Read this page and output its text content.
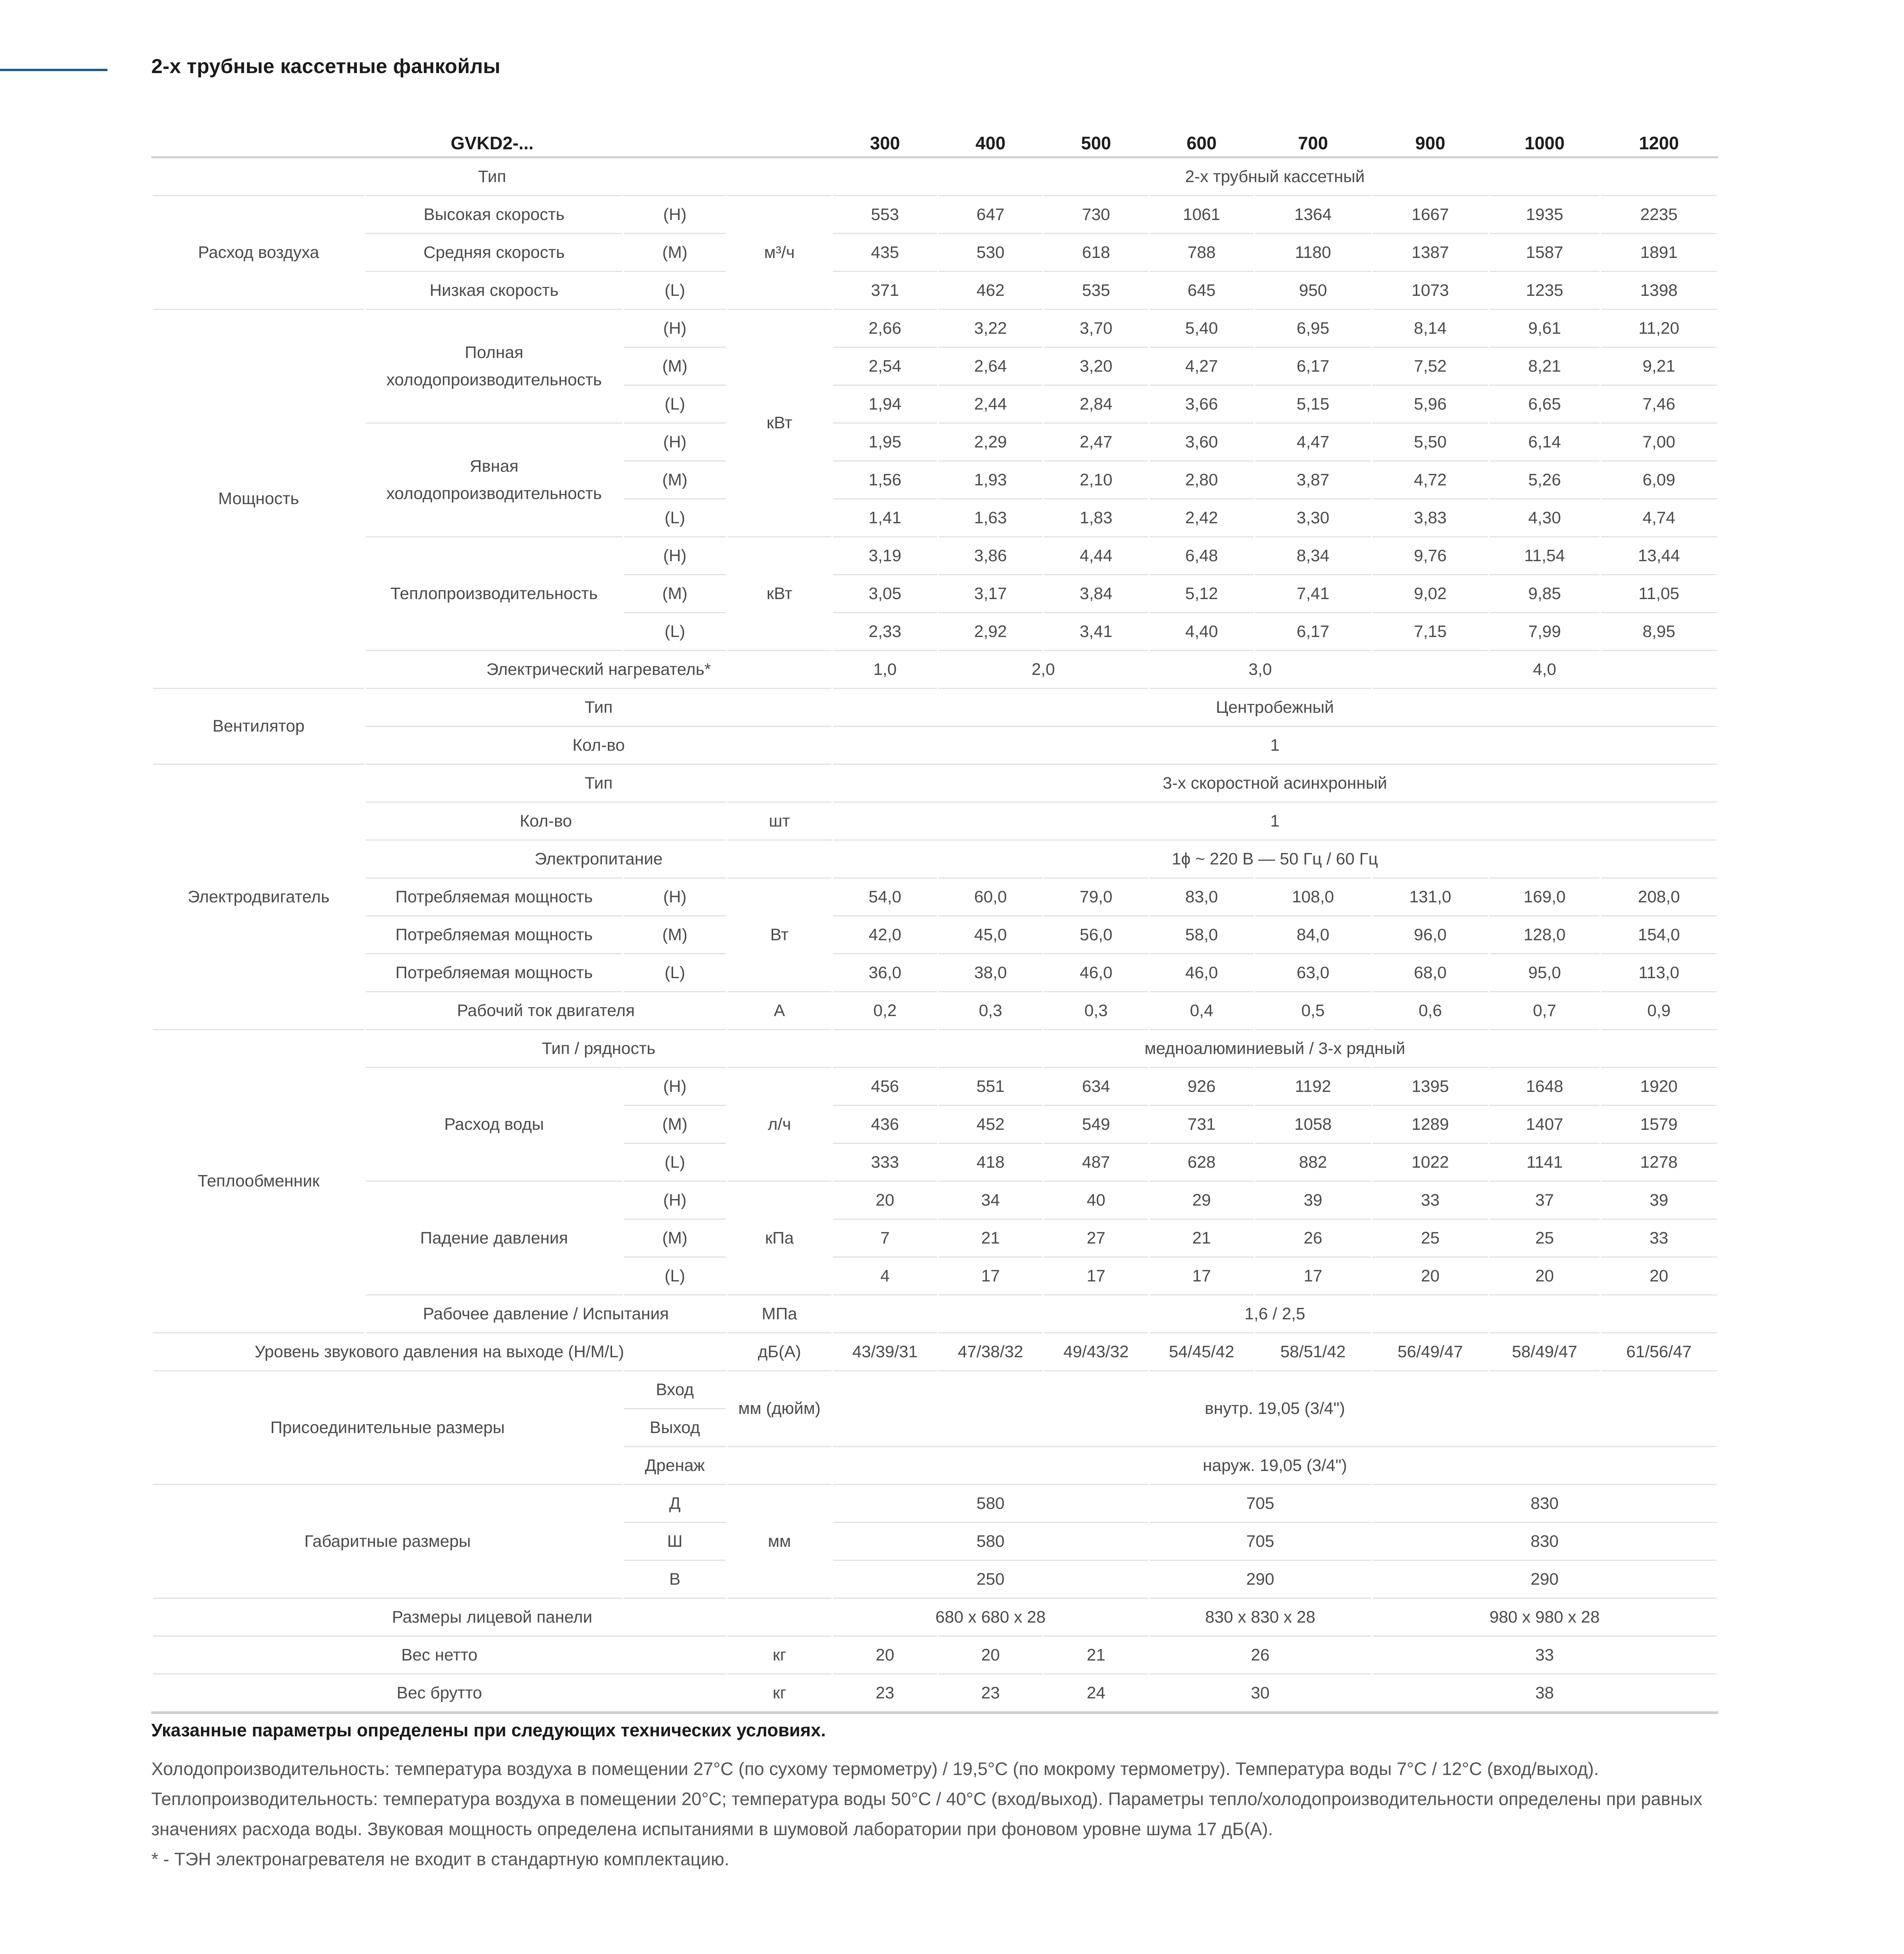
2-х трубные кассетные фанкойлы
GVKD2-...				300	400	500	600	700	900	1000	1200
Тип				2-х трубный кассетный							
Расход воздуха	Высокая скорость	(H)	м³/ч	553	647	730	1061	1364	1667	1935	2235
	Средняя скорость	(M)		435	530	618	788	1180	1387	1587	1891
	Низкая скорость	(L)		371	462	535	645	950	1073	1235	1398
Мощность	Полная холодопроизводительность	(H)	кВт	2,66	3,22	3,70	5,40	6,95	8,14	9,61	11,20
		(M)		2,54	2,64	3,20	4,27	6,17	7,52	8,21	9,21
		(L)		1,94	2,44	2,84	3,66	5,15	5,96	6,65	7,46
	Явная холодопроизводительность	(H)		1,95	2,29	2,47	3,60	4,47	5,50	6,14	7,00
		(M)		1,56	1,93	2,10	2,80	3,87	4,72	5,26	6,09
		(L)		1,41	1,63	1,83	2,42	3,30	3,83	4,30	4,74
	Теплопроизводительность	(H)	кВт	3,19	3,86	4,44	6,48	8,34	9,76	11,54	13,44
		(M)		3,05	3,17	3,84	5,12	7,41	9,02	9,85	11,05
		(L)		2,33	2,92	3,41	4,40	6,17	7,15	7,99	8,95
	Электрический нагреватель*			1,0	2,0		3,0		4,0		
Вентилятор	Тип			Центробежный							
	Кол-во			1							
Электродвигатель	Тип			3-х скоростной асинхронный							
	Кол-во		шт	1							
	Электропитание			1ϕ ~ 220 В — 50 Гц / 60 Гц							
	Потребляемая мощность	(H)	Вт	54,0	60,0	79,0	83,0	108,0	131,0	169,0	208,0
	Потребляемая мощность	(M)		42,0	45,0	56,0	58,0	84,0	96,0	128,0	154,0
	Потребляемая мощность	(L)		36,0	38,0	46,0	46,0	63,0	68,0	95,0	113,0
	Рабочий ток двигателя		А	0,2	0,3	0,3	0,4	0,5	0,6	0,7	0,9
Теплообменник	Тип / рядность			медноалюминиевый / 3-х рядный							
	Расход воды	(H)	л/ч	456	551	634	926	1192	1395	1648	1920
		(M)		436	452	549	731	1058	1289	1407	1579
		(L)		333	418	487	628	882	1022	1141	1278
	Падение давления	(H)	кПа	20	34	40	29	39	33	37	39
		(M)		7	21	27	21	26	25	25	33
		(L)		4	17	17	17	17	20	20	20
	Рабочее давление / Испытания		МПа	1,6 / 2,5							
Уровень звукового давления на выходе (H/M/L)			дБ(А)	43/39/31	47/38/32	49/43/32	54/45/42	58/51/42	56/49/47	58/49/47	61/56/47
Присоединительные размеры		Вход	мм (дюйм)	внутр. 19,05 (3/4")							
		Выход									
		Дренаж		наруж. 19,05 (3/4")							
Габаритные размеры		Д	мм	580			705		830		
		Ш		580			705		830		
		В		250			290		290		
Размеры лицевой панели				680 x 680 x 28			830 x 830 x 28		980 x 980 x 28		
Вес нетто			кг	20	20	21	26		33		
Вес брутто			кг	23	23	24	30		38		
Указанные параметры определены при следующих технических условиях.
Холодопроизводительность: температура воздуха в помещении 27°C (по сухому термометру) / 19,5°C (по мокрому термометру). Температура воды 7°C / 12°C (вход/выход). Теплопроизводительность: температура воздуха в помещении 20°C; температура воды 50°C / 40°C (вход/выход). Параметры тепло/холодопроизводительности определены при равных значениях расхода воды. Звуковая мощность определена испытаниями в шумовой лаборатории при фоновом уровне шума 17 дБ(А).
* - ТЭН электронагревателя не входит в стандартную комплектацию.
